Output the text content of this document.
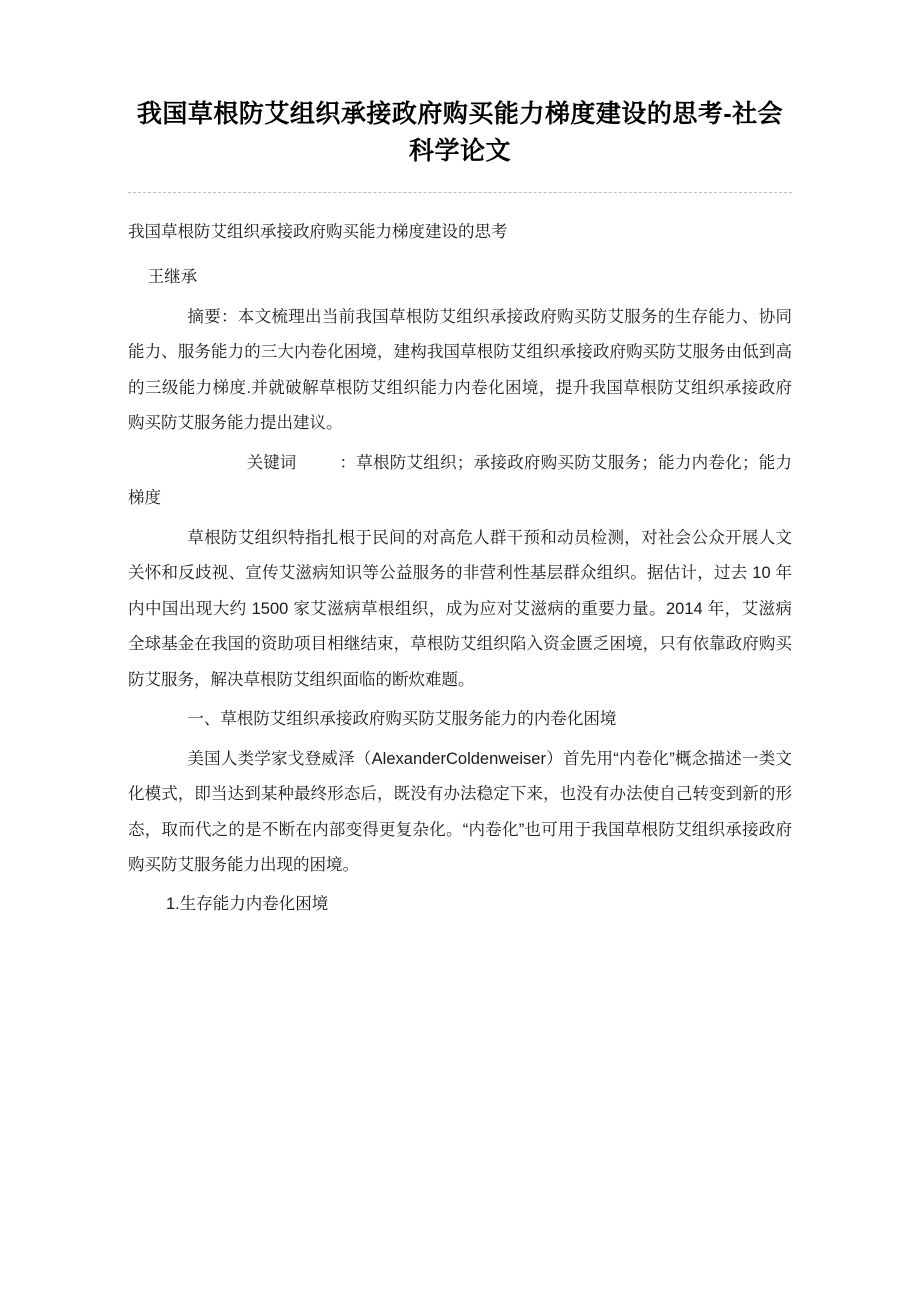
我国草根防艾组织承接政府购买能力梯度建设的思考-社会科学论文

我国草根防艾组织承接政府购买能力梯度建设的思考

王继承

摘要：本文梳理出当前我国草根防艾组织承接政府购买防艾服务的生存能力、协同能力、服务能力的三大内卷化困境，建构我国草根防艾组织承接政府购买防艾服务由低到高的三级能力梯度.并就破解草根防艾组织能力内卷化困境，提升我国草根防艾组织承接政府购买防艾服务能力提出建议。

关键词	：草根防艾组织；承接政府购买防艾服务；能力内卷化；能力梯度

草根防艾组织特指扎根于民间的对高危人群干预和动员检测，对社会公众开展人文关怀和反歧视、宣传艾滋病知识等公益服务的非营利性基层群众组织。据估计，过去 10 年内中国出现大约 1500 家艾滋病草根组织，成为应对艾滋病的重要力量。2014 年，艾滋病全球基金在我国的资助项目相继结束，草根防艾组织陷入资金匮乏困境，只有依靠政府购买防艾服务，解决草根防艾组织面临的断炊难题。

一、草根防艾组织承接政府购买防艾服务能力的内卷化困境

美国人类学家戈登威泽（AlexanderColdenweiser）首先用“内卷化”概念描述一类文化模式，即当达到某种最终形态后，既没有办法稳定下来，也没有办法使自己转变到新的形态，取而代之的是不断在内部变得更复杂化。“内卷化”也可用于我国草根防艾组织承接政府购买防艾服务能力出现的困境。

1.生存能力内卷化困境
